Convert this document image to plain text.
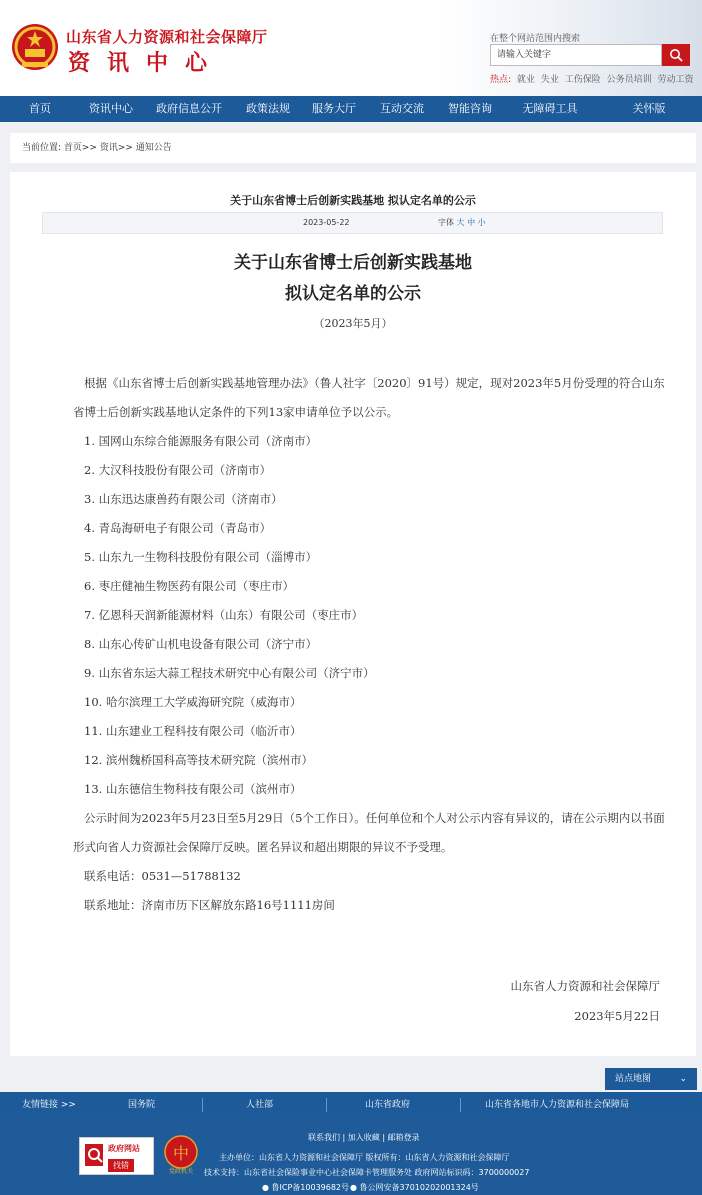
山东省人力资源和社会保障厅
资讯中心
在整个网站范围内搜索
请输入关键字
热点: 就业 失业 工伤保险 公务员培训 劳动工资
首页	资讯中心	政府信息公开	政策法规	服务大厅	互动交流	智能咨询	无障碍工具	关怀版
当前位置: 首页>> 资讯>> 通知公告
关于山东省博士后创新实践基地 拟认定名单的公示
2023-05-22	字体 大 中 小
关于山东省博士后创新实践基地
拟认定名单的公示
（2023年5月）

根据《山东省博士后创新实践基地管理办法》（鲁人社字〔2020〕91号）规定，现对2023年5月份受理的符合山东省博士后创新实践基地认定条件的下列13家申请单位予以公示。

1. 国网山东综合能源服务有限公司（济南市）

2. 大汉科技股份有限公司（济南市）

3. 山东迅达康兽药有限公司（济南市）

4. 青岛海研电子有限公司（青岛市）

5. 山东九一生物科技股份有限公司（淄博市）

6. 枣庄健袖生物医药有限公司（枣庄市）

7. 亿恩科天润新能源材料（山东）有限公司（枣庄市）

8. 山东心传矿山机电设备有限公司（济宁市）

9. 山东省东运大蒜工程技术研究中心有限公司（济宁市）

10. 哈尔滨理工大学威海研究院（威海市）

11. 山东建业工程科技有限公司（临沂市）

12. 滨州魏桥国科高等技术研究院（滨州市）

13. 山东德信生物科技有限公司（滨州市）

公示时间为2023年5月23日至5月29日（5个工作日）。任何单位和个人对公示内容有异议的，请在公示期内以书面形式向省人力资源社会保障厅反映。匿名异议和超出期限的异议不予受理。

联系电话：0531—51788132

联系地址：济南市历下区解放东路16号1111房间

山东省人力资源和社会保障厅
2023年5月22日
站点地图	⌄
友情链接 >>	国务院	人社部	山东省政府	山东省各地市人力资源和社会保障局
政府网站
找错
中
党政机关
联系我们 | 加入收藏 | 邮箱登录
主办单位：山东省人力资源和社会保障厅 版权所有：山东省人力资源和社会保障厅
技术支持：山东省社会保险事业中心社会保障卡管理服务处 政府网站标识码：3700000027
● 鲁ICP备10039682号 ● 鲁公网安备37010202001324号
